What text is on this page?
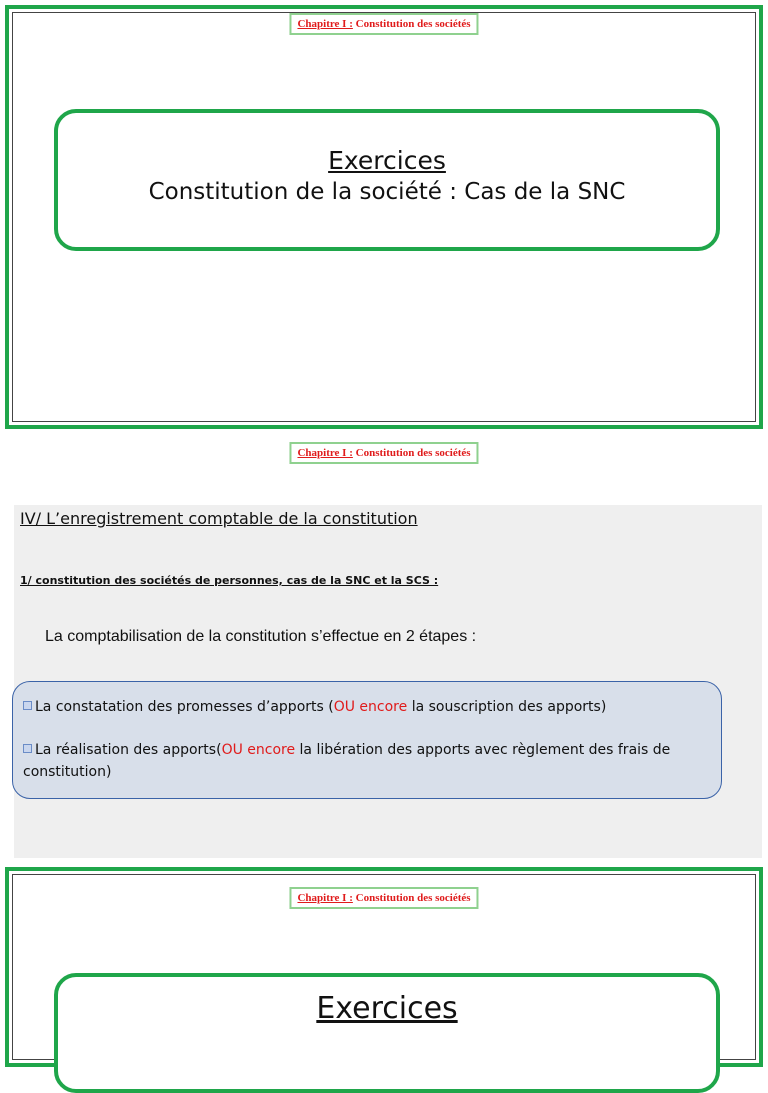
Chapitre I : Constitution des sociétés
Exercices
Constitution de la société : Cas de la SNC
Chapitre I : Constitution des sociétés
IV/ L’enregistrement comptable de la constitution
1/ constitution des sociétés de personnes, cas de la SNC et la SCS :
La comptabilisation de la constitution s’effectue en 2 étapes :
La constatation des promesses d’apports (OU encore la souscription des apports)
La réalisation des apports(OU encore la libération des apports avec règlement des frais de constitution)
Chapitre I : Constitution des sociétés
Exercices
